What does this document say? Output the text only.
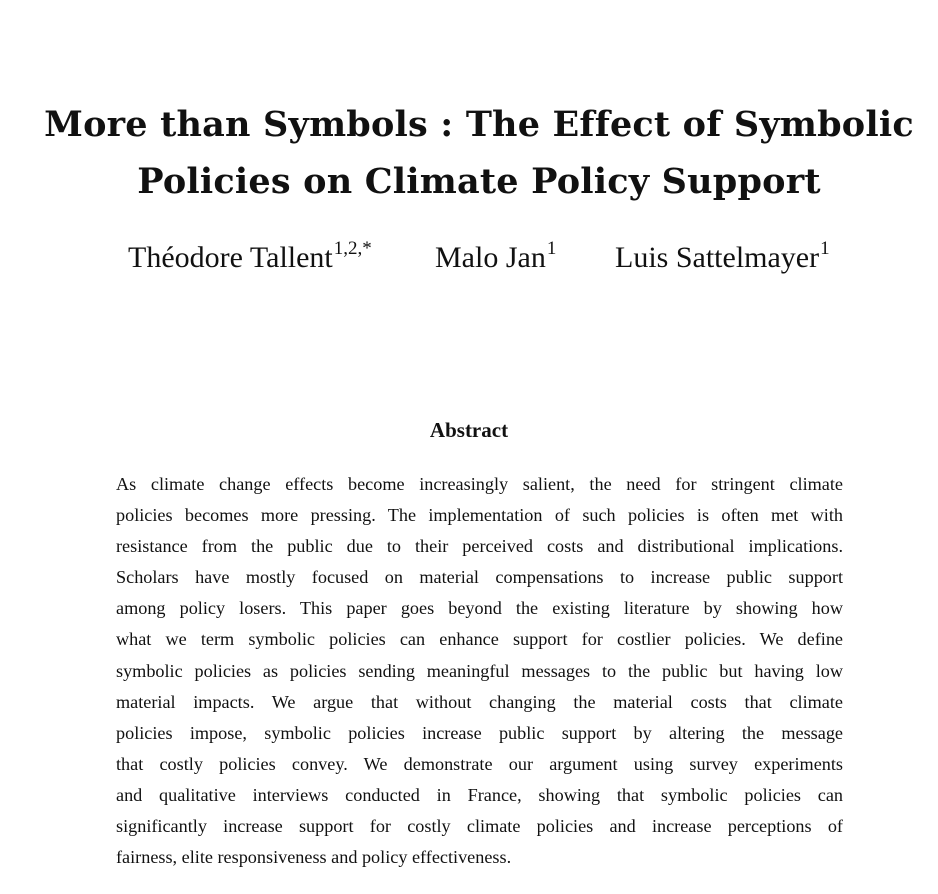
More than Symbols : The Effect of Symbolic
Policies on Climate Policy Support
Théodore Tallent$^{1,2,*}$ Malo Jan$^1$ Luis Sattelmayer$^1$
Abstract
As climate change effects become increasingly salient, the need for stringent climate
policies becomes more pressing. The implementation of such policies is often met with
resistance from the public due to their perceived costs and distributional implications.
Scholars have mostly focused on material compensations to increase public support
among policy losers. This paper goes beyond the existing literature by showing how
what we term symbolic policies can enhance support for costlier policies. We define
symbolic policies as policies sending meaningful messages to the public but having low
material impacts. We argue that without changing the material costs that climate
policies impose, symbolic policies increase public support by altering the message
that costly policies convey. We demonstrate our argument using survey experiments
and qualitative interviews conducted in France, showing that symbolic policies can
significantly increase support for costly climate policies and increase perceptions of
fairness, elite responsiveness and policy effectiveness.
